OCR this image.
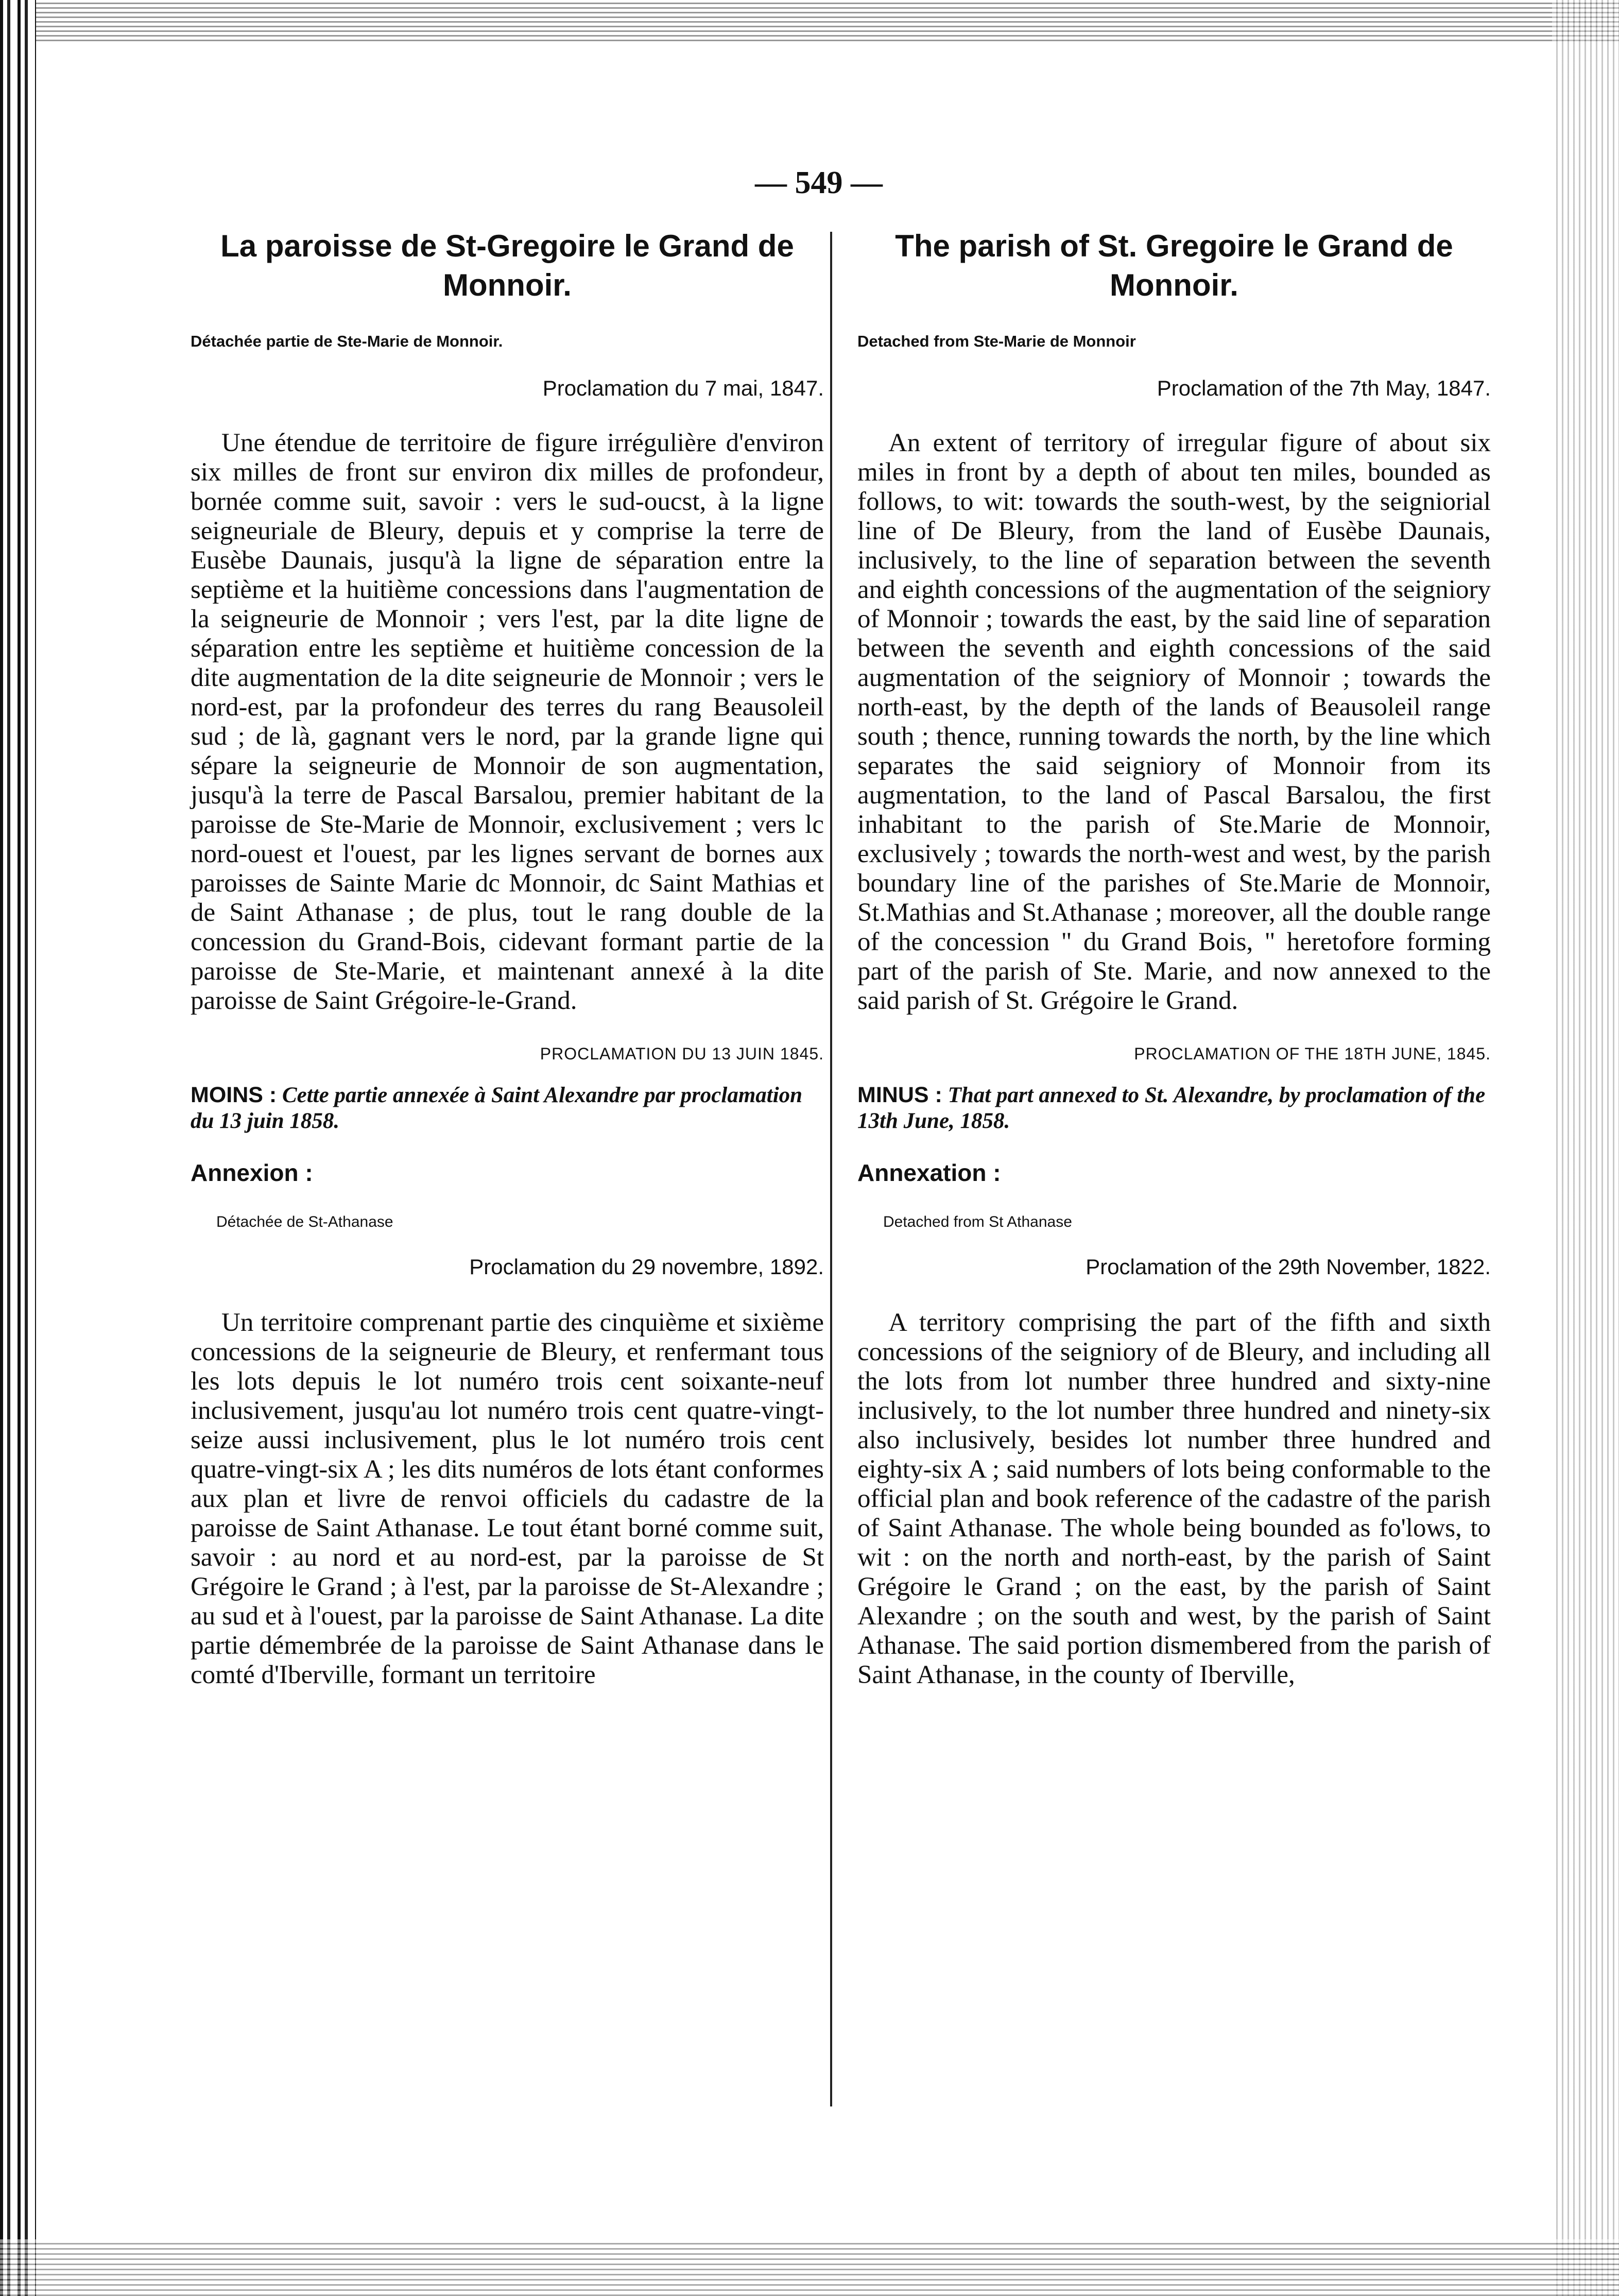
— 549 —
La paroisse de St-Gregoire le Grand de Monnoir.
Détachée partie de Ste-Marie de Monnoir.
Proclamation du 7 mai, 1847.

Une étendue de territoire de figure irrégulière d'environ six milles de front sur environ dix milles de profondeur, bornée comme suit, savoir : vers le sud-oucst, à la ligne seigneuriale de Bleury, depuis et y comprise la terre de Eusèbe Daunais, jusqu'à la ligne de séparation entre la septième et la huitième concessions dans l'augmentation de la seigneurie de Monnoir ; vers l'est, par la dite ligne de séparation entre les septième et huitième concession de la dite augmentation de la dite seigneurie de Monnoir ; vers le nord-est, par la profondeur des terres du rang Beausoleil sud ; de là, gagnant vers le nord, par la grande ligne qui sépare la seigneurie de Monnoir de son augmentation, jusqu'à la terre de Pascal Barsalou, premier habitant de la paroisse de Ste-Marie de Monnoir, exclusivement ; vers lc nord-ouest et l'ouest, par les lignes servant de bornes aux paroisses de Sainte Marie dc Monnoir, dc Saint Mathias et de Saint Athanase ; de plus, tout le rang double de la concession du Grand-Bois, cidevant formant partie de la paroisse de Ste-Marie, et maintenant annexé à la dite paroisse de Saint Grégoire-le-Grand.

PROCLAMATION DU 13 JUIN 1845.
MOINS : Cette partie annexée à Saint Alexandre par proclamation du 13 juin 1858.
Annexion :
Détachée de St-Athanase
Proclamation du 29 novembre, 1892.

Un territoire comprenant partie des cinquième et sixième concessions de la seigneurie de Bleury, et renfermant tous les lots depuis le lot numéro trois cent soixante-neuf inclusivement, jusqu'au lot numéro trois cent quatre-vingt-seize aussi inclusivement, plus le lot numéro trois cent quatre-vingt-six A ; les dits numéros de lots étant conformes aux plan et livre de renvoi officiels du cadastre de la paroisse de Saint Athanase. Le tout étant borné comme suit, savoir : au nord et au nord-est, par la paroisse de St Grégoire le Grand ; à l'est, par la paroisse de St-Alexandre ; au sud et à l'ouest, par la paroisse de Saint Athanase. La dite partie démembrée de la paroisse de Saint Athanase dans le comté d'Iberville, formant un territoire

The parish of St. Gregoire le Grand de Monnoir.
Detached from Ste-Marie de Monnoir
Proclamation of the 7th May, 1847.

An extent of territory of irregular figure of about six miles in front by a depth of about ten miles, bounded as follows, to wit: towards the south-west, by the seigniorial line of De Bleury, from the land of Eusèbe Daunais, inclusively, to the line of separation between the seventh and eighth concessions of the augmentation of the seigniory of Monnoir ; towards the east, by the said line of separation between the seventh and eighth concessions of the said augmentation of the seigniory of Monnoir ; towards the north-east, by the depth of the lands of Beausoleil range south ; thence, running towards the north, by the line which separates the said seigniory of Monnoir from its augmentation, to the land of Pascal Barsalou, the first inhabitant to the parish of Ste.Marie de Monnoir, exclusively ; towards the north-west and west, by the parish boundary line of the parishes of Ste.Marie de Monnoir, St.Mathias and St.Athanase ; moreover, all the double range of the concession " du Grand Bois, " heretofore forming part of the parish of Ste. Marie, and now annexed to the said parish of St. Grégoire le Grand.

PROCLAMATION OF THE 18TH JUNE, 1845.
MINUS : That part annexed to St. Alexandre, by proclamation of the 13th June, 1858.
Annexation :
Detached from St Athanase
Proclamation of the 29th November, 1822.

A territory comprising the part of the fifth and sixth concessions of the seigniory of de Bleury, and including all the lots from lot number three hundred and sixty-nine inclusively, to the lot number three hundred and ninety-six also inclusively, besides lot number three hundred and eighty-six A ; said numbers of lots being conformable to the official plan and book reference of the cadastre of the parish of Saint Athanase. The whole being bounded as fo'lows, to wit : on the north and north-east, by the parish of Saint Grégoire le Grand ; on the east, by the parish of Saint Alexandre ; on the south and west, by the parish of Saint Athanase. The said portion dismembered from the parish of Saint Athanase, in the county of Iberville,
